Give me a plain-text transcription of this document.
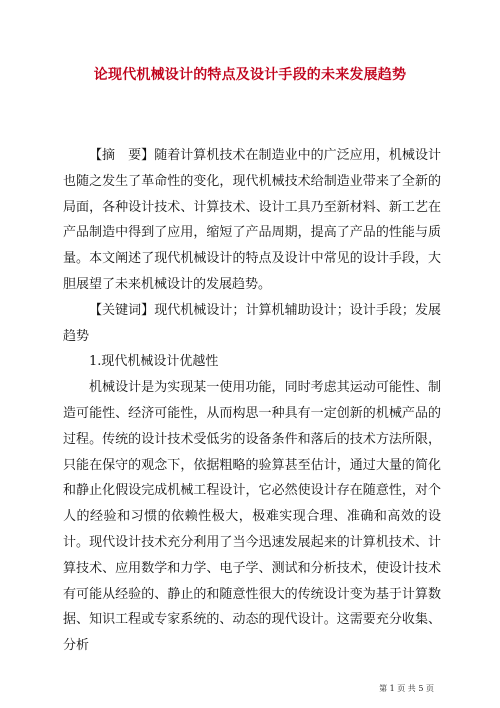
论现代机械设计的特点及设计手段的未来发展趋势

【摘　要】随着计算机技术在制造业中的广泛应用，机械设计也随之发生了革命性的变化，现代机械技术给制造业带来了全新的局面，各种设计技术、计算技术、设计工具乃至新材料、新工艺在产品制造中得到了应用，缩短了产品周期，提高了产品的性能与质量。本文阐述了现代机械设计的特点及设计中常见的设计手段，大胆展望了未来机械设计的发展趋势。

【关键词】现代机械设计；计算机辅助设计；设计手段；发展趋势

1.现代机械设计优越性

机械设计是为实现某一使用功能，同时考虑其运动可能性、制造可能性、经济可能性，从而构思一种具有一定创新的机械产品的过程。传统的设计技术受低劣的设备条件和落后的技术方法所限，只能在保守的观念下，依据粗略的验算甚至估计，通过大量的简化和静止化假设完成机械工程设计，它必然使设计存在随意性，对个人的经验和习惯的依赖性极大，极难实现合理、准确和高效的设计。现代设计技术充分利用了当今迅速发展起来的计算机技术、计算技术、应用数学和力学、电子学、测试和分析技术，使设计技术有可能从经验的、静止的和随意性很大的传统设计变为基于计算数据、知识工程或专家系统的、动态的现代设计。这需要充分收集、分析

第 1 页 共 5 页
